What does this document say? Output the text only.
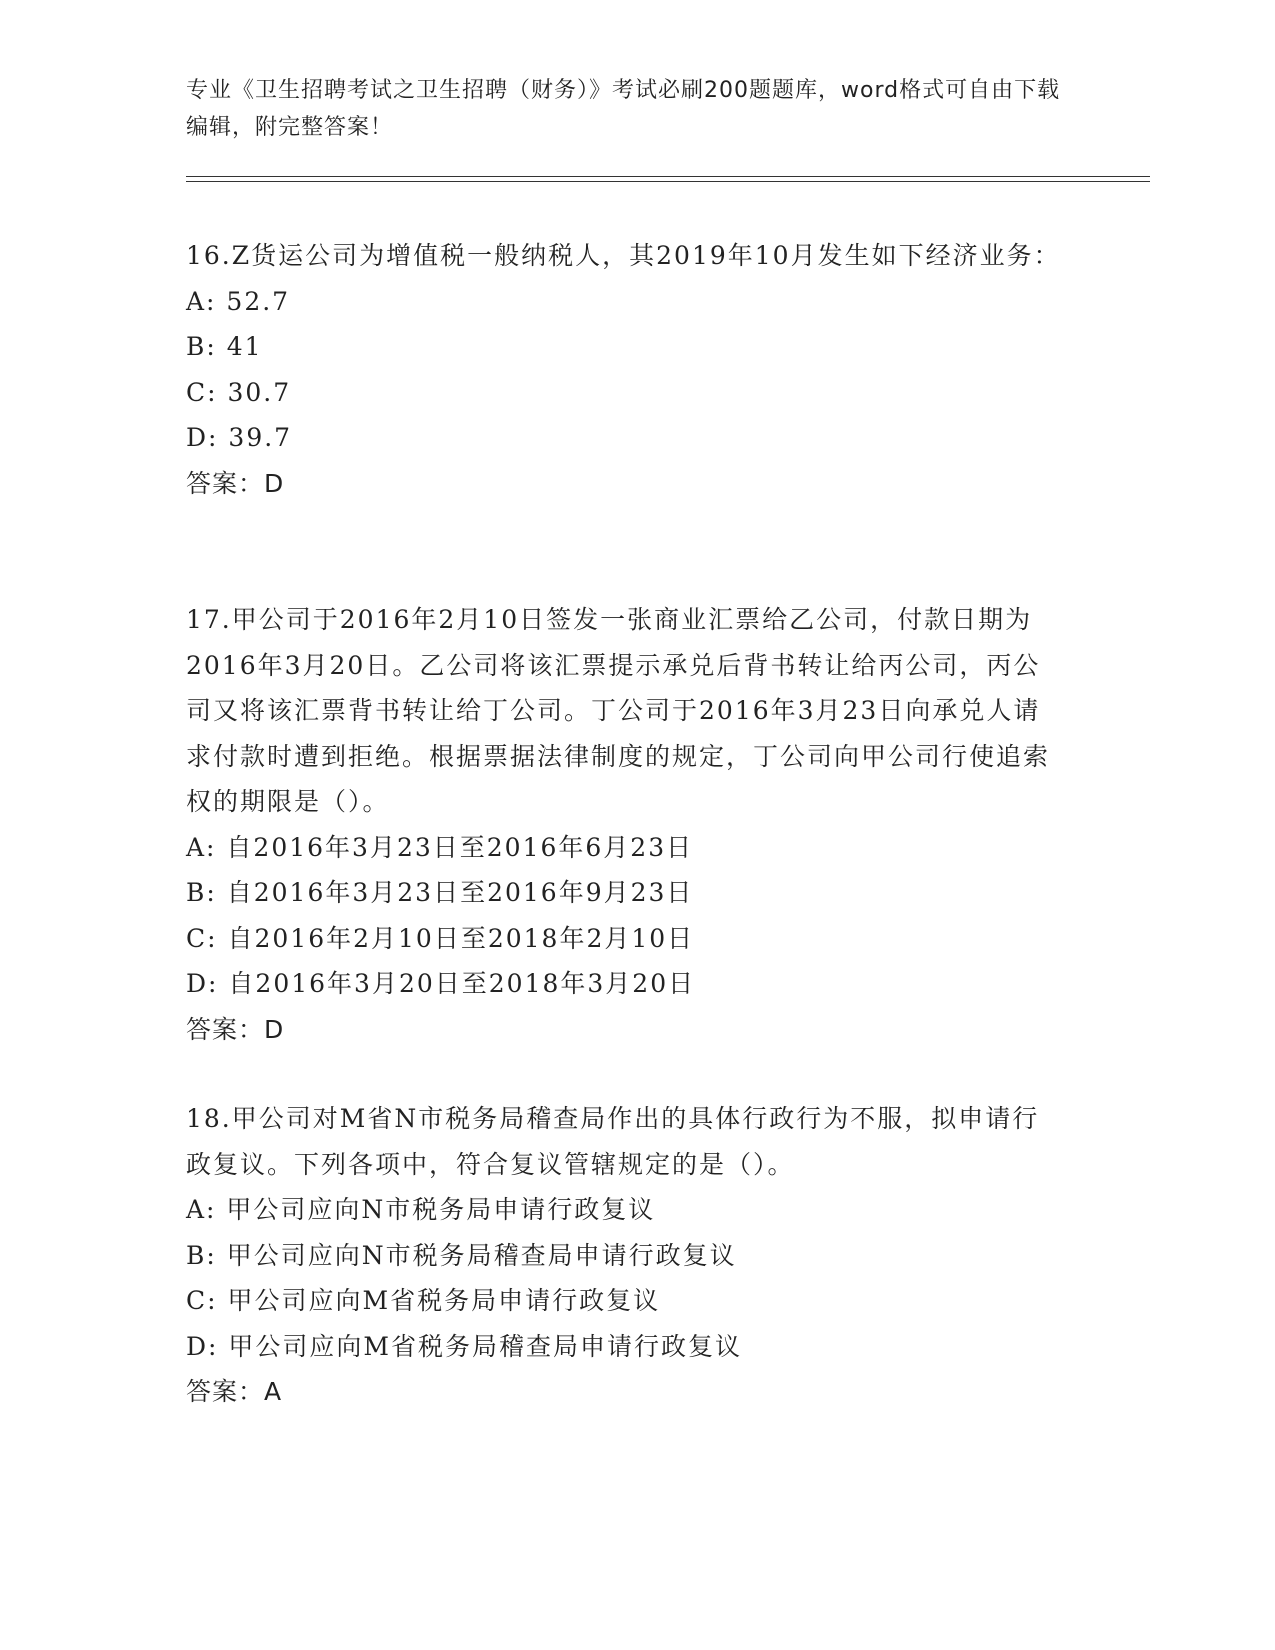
专业《卫生招聘考试之卫生招聘（财务）》考试必刷200题题库，word格式可自由下载编辑，附完整答案！

16.Z货运公司为增值税一般纳税人，其2019年10月发生如下经济业务：

A: 52.7

B: 41

C: 30.7

D: 39.7

答案：D

17.甲公司于2016年2月10日签发一张商业汇票给乙公司，付款日期为2016年3月20日。乙公司将该汇票提示承兑后背书转让给丙公司，丙公司又将该汇票背书转让给丁公司。丁公司于2016年3月23日向承兑人请求付款时遭到拒绝。根据票据法律制度的规定，丁公司向甲公司行使追索权的期限是（）。

A: 自2016年3月23日至2016年6月23日

B: 自2016年3月23日至2016年9月23日

C: 自2016年2月10日至2018年2月10日

D: 自2016年3月20日至2018年3月20日

答案：D

18.甲公司对M省N市税务局稽查局作出的具体行政行为不服，拟申请行政复议。下列各项中，符合复议管辖规定的是（）。

A: 甲公司应向N市税务局申请行政复议

B: 甲公司应向N市税务局稽查局申请行政复议

C: 甲公司应向M省税务局申请行政复议

D: 甲公司应向M省税务局稽查局申请行政复议

答案：A
